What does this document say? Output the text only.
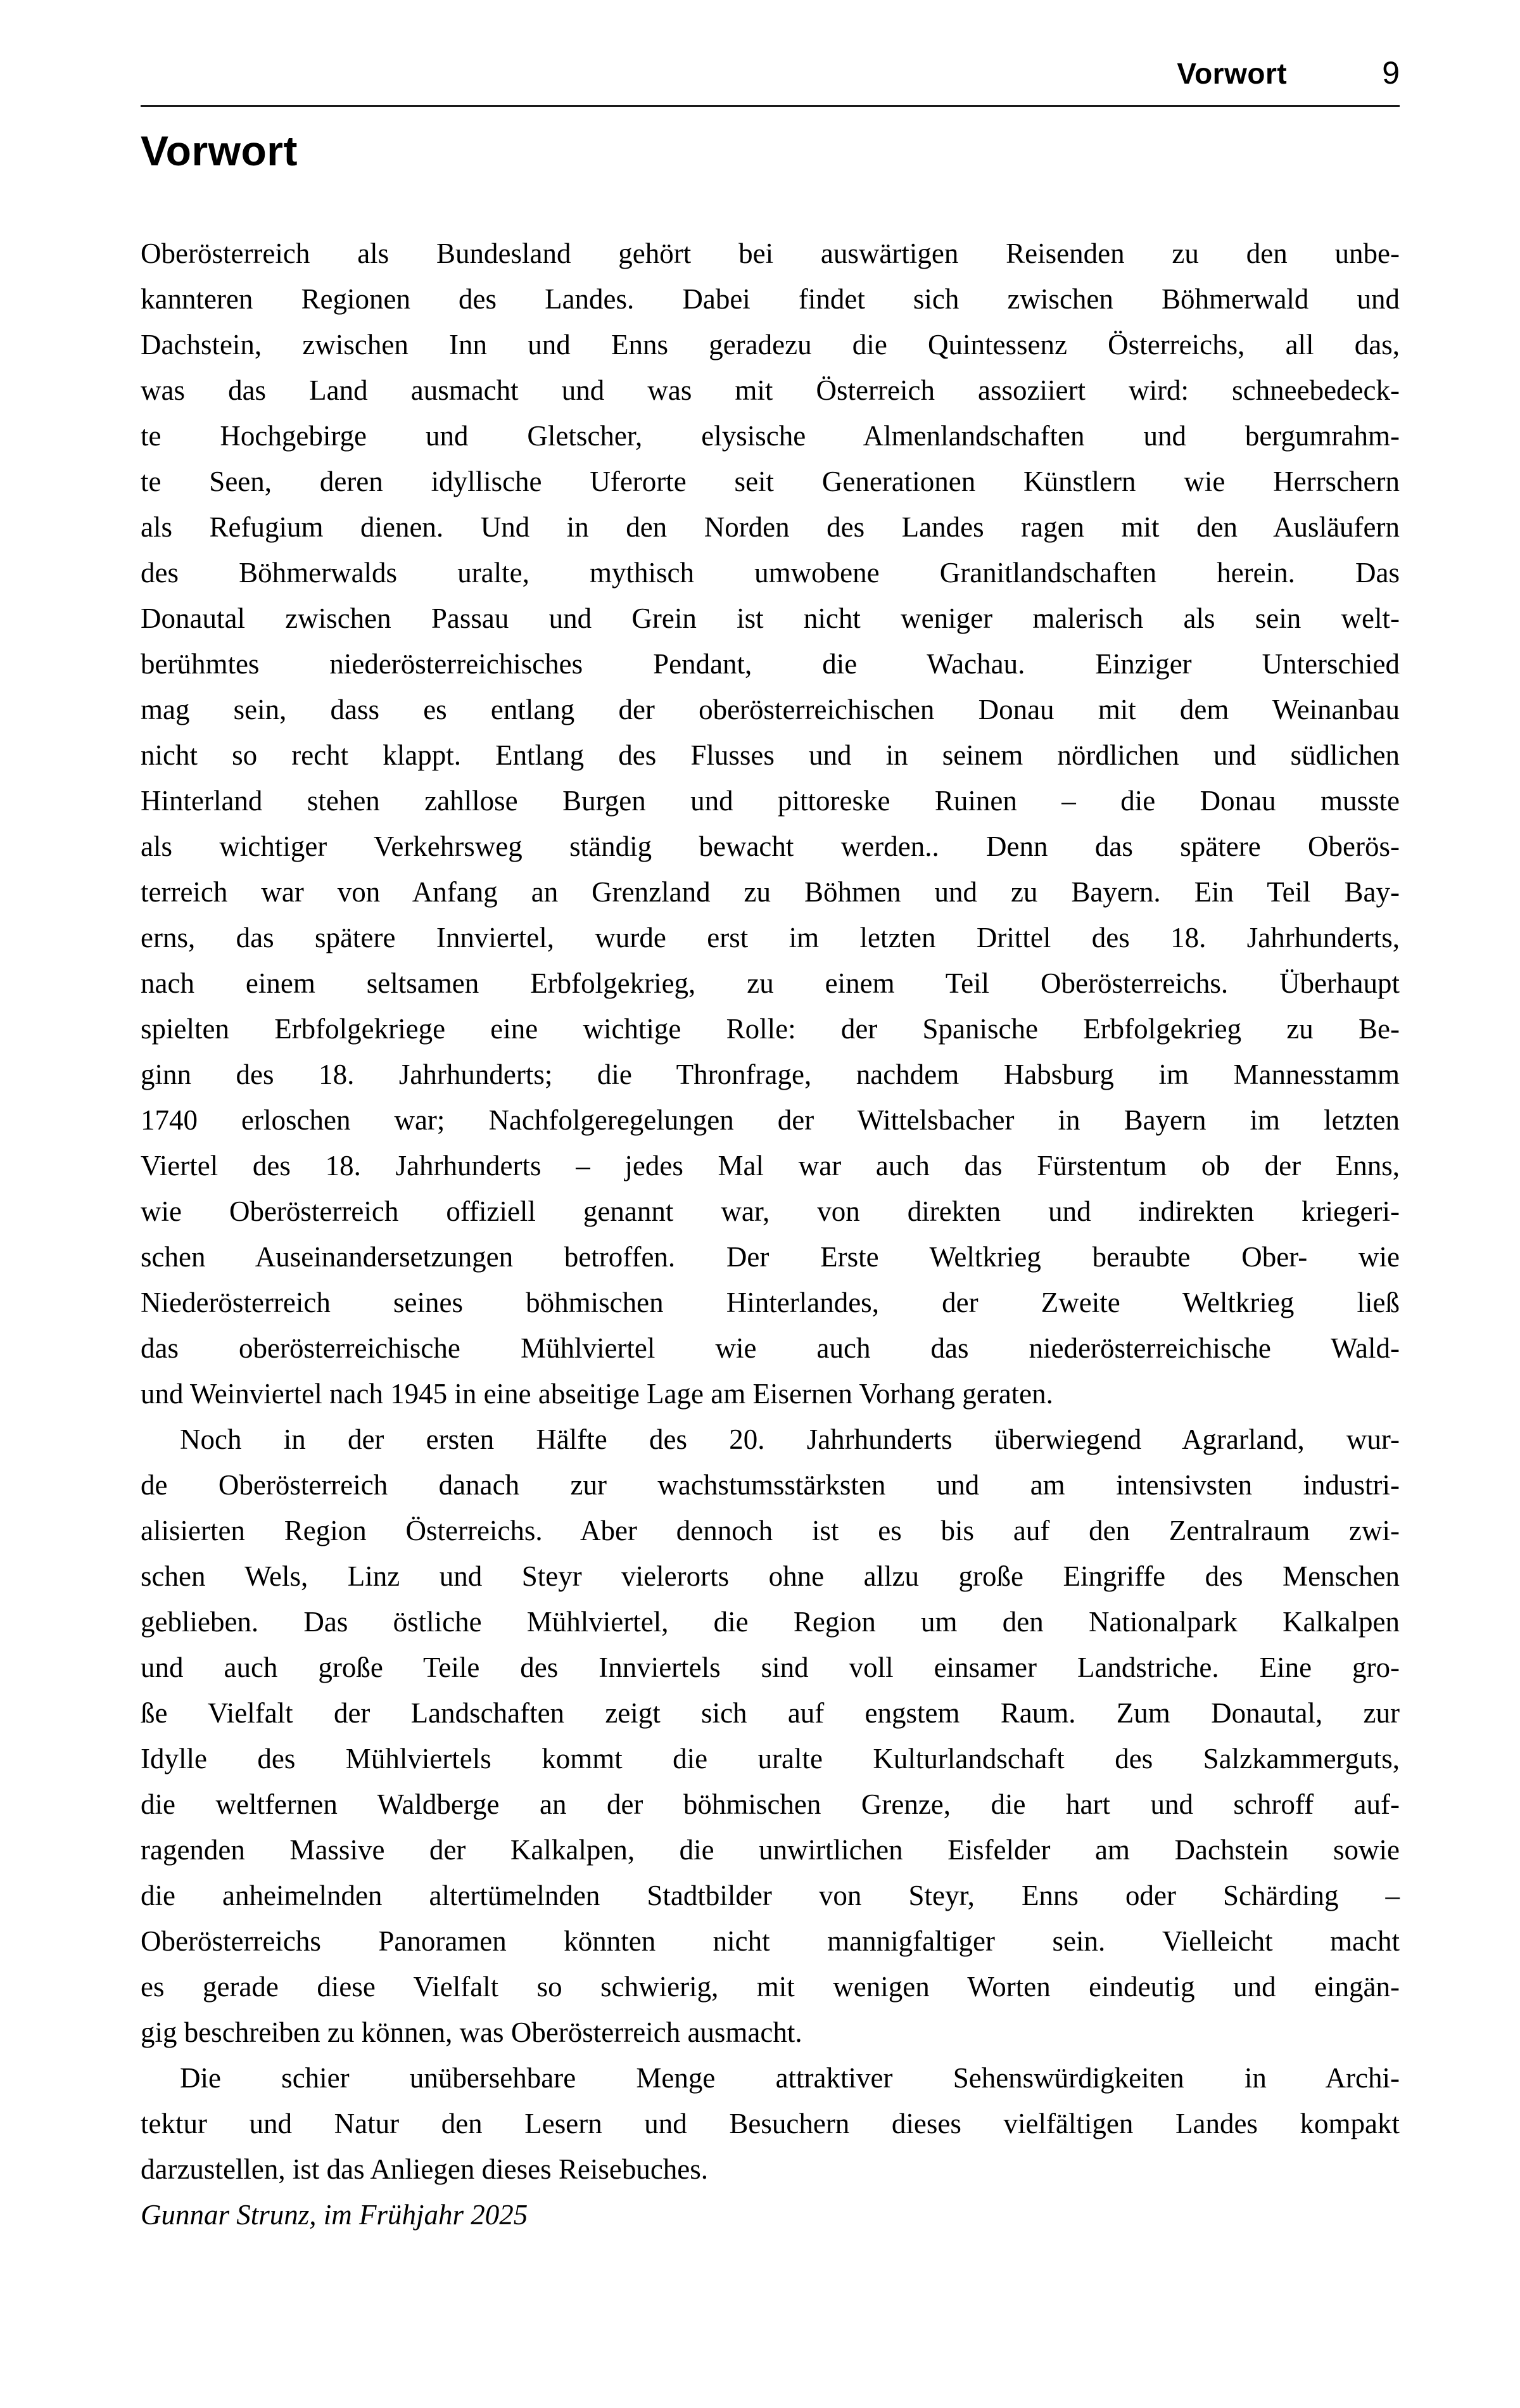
Vorwort	9
Vorwort
Oberösterreich als Bundesland gehört bei auswärtigen Reisenden zu den unbe-
kannteren Regionen des Landes. Dabei findet sich zwischen Böhmerwald und
Dachstein, zwischen Inn und Enns geradezu die Quintessenz Österreichs, all das,
was das Land ausmacht und was mit Österreich assoziiert wird: schneebedeck-
te Hochgebirge und Gletscher, elysische Almenlandschaften und bergumrahm-
te Seen, deren idyllische Uferorte seit Generationen Künstlern wie Herrschern
als Refugium dienen. Und in den Norden des Landes ragen mit den Ausläufern
des Böhmerwalds uralte, mythisch umwobene Granitlandschaften herein. Das
Donautal zwischen Passau und Grein ist nicht weniger malerisch als sein welt-
berühmtes niederösterreichisches Pendant, die Wachau. Einziger Unterschied
mag sein, dass es entlang der oberösterreichischen Donau mit dem Weinanbau
nicht so recht klappt. Entlang des Flusses und in seinem nördlichen und südlichen
Hinterland stehen zahllose Burgen und pittoreske Ruinen – die Donau musste
als wichtiger Verkehrsweg ständig bewacht werden.. Denn das spätere Oberös-
terreich war von Anfang an Grenzland zu Böhmen und zu Bayern. Ein Teil Bay-
erns, das spätere Innviertel, wurde erst im letzten Drittel des 18. Jahrhunderts,
nach einem seltsamen Erbfolgekrieg, zu einem Teil Oberösterreichs. Überhaupt
spielten Erbfolgekriege eine wichtige Rolle: der Spanische Erbfolgekrieg zu Be-
ginn des 18. Jahrhunderts; die Thronfrage, nachdem Habsburg im Mannesstamm
1740 erloschen war; Nachfolgeregelungen der Wittelsbacher in Bayern im letzten
Viertel des 18. Jahrhunderts – jedes Mal war auch das Fürstentum ob der Enns,
wie Oberösterreich offiziell genannt war, von direkten und indirekten kriegeri-
schen Auseinandersetzungen betroffen. Der Erste Weltkrieg beraubte Ober- wie
Niederösterreich seines böhmischen Hinterlandes, der Zweite Weltkrieg ließ
das oberösterreichische Mühlviertel wie auch das niederösterreichische Wald-
und Weinviertel nach 1945 in eine abseitige Lage am Eisernen Vorhang geraten.
Noch in der ersten Hälfte des 20. Jahrhunderts überwiegend Agrarland, wur-
de Oberösterreich danach zur wachstumsstärksten und am intensivsten industri-
alisierten Region Österreichs. Aber dennoch ist es bis auf den Zentralraum zwi-
schen Wels, Linz und Steyr vielerorts ohne allzu große Eingriffe des Menschen
geblieben. Das östliche Mühlviertel, die Region um den Nationalpark Kalkalpen
und auch große Teile des Innviertels sind voll einsamer Landstriche. Eine gro-
ße Vielfalt der Landschaften zeigt sich auf engstem Raum. Zum Donautal, zur
Idylle des Mühlviertels kommt die uralte Kulturlandschaft des Salzkammerguts,
die weltfernen Waldberge an der böhmischen Grenze, die hart und schroff auf-
ragenden Massive der Kalkalpen, die unwirtlichen Eisfelder am Dachstein sowie
die anheimelnden altertümelnden Stadtbilder von Steyr, Enns oder Schärding –
Oberösterreichs Panoramen könnten nicht mannigfaltiger sein. Vielleicht macht
es gerade diese Vielfalt so schwierig, mit wenigen Worten eindeutig und eingän-
gig beschreiben zu können, was Oberösterreich ausmacht.
Die schier unübersehbare Menge attraktiver Sehenswürdigkeiten in Archi-
tektur und Natur den Lesern und Besuchern dieses vielfältigen Landes kompakt
darzustellen, ist das Anliegen dieses Reisebuches.
Gunnar Strunz, im Frühjahr 2025
